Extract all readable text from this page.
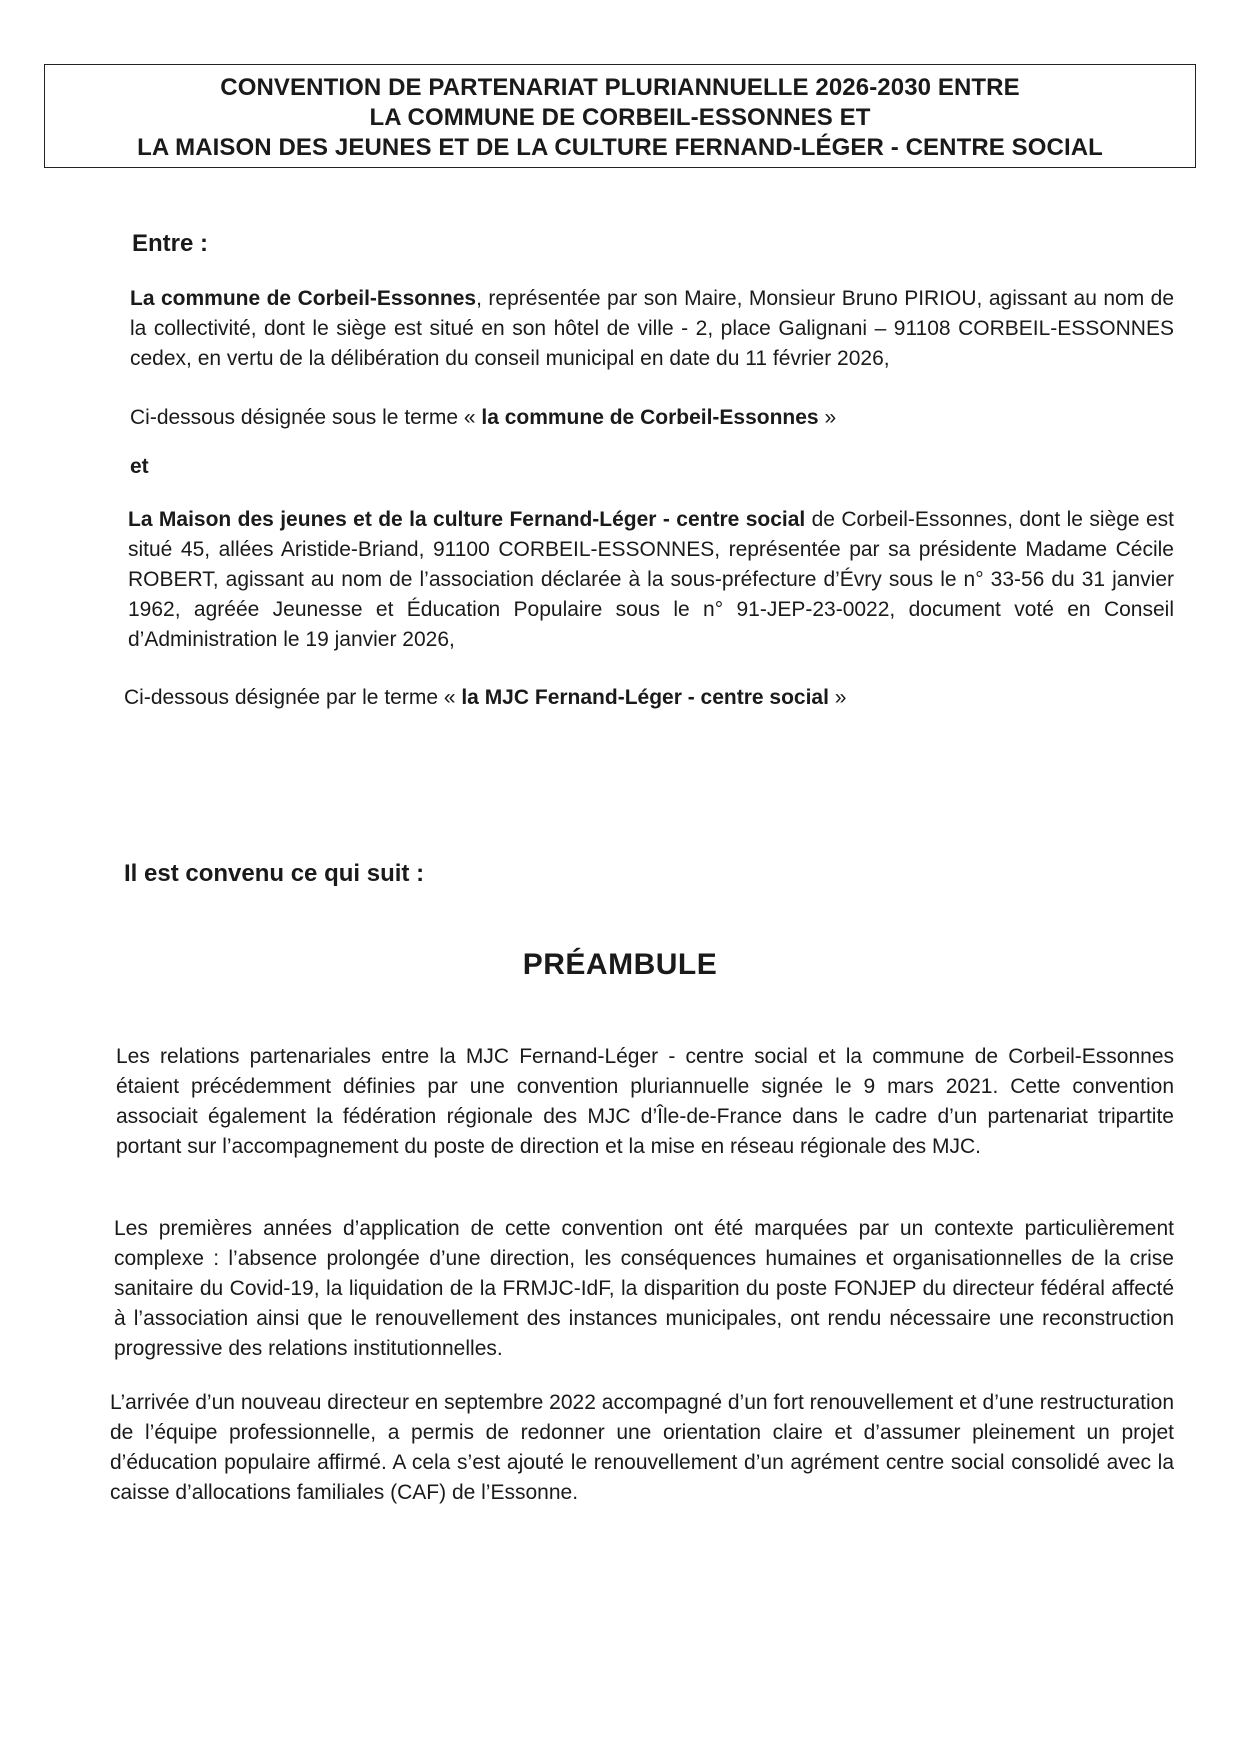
CONVENTION DE PARTENARIAT PLURIANNUELLE 2026-2030 ENTRE
LA COMMUNE DE CORBEIL-ESSONNES ET
LA MAISON DES JEUNES ET DE LA CULTURE FERNAND-LÉGER - CENTRE SOCIAL
Entre :
La commune de Corbeil-Essonnes, représentée par son Maire, Monsieur Bruno PIRIOU, agissant au nom de la collectivité, dont le siège est situé en son hôtel de ville - 2, place Galignani – 91108 CORBEIL-ESSONNES cedex, en vertu de la délibération du conseil municipal en date du 11 février 2026,
Ci-dessous désignée sous le terme « la commune de Corbeil-Essonnes »
et
La Maison des jeunes et de la culture Fernand-Léger - centre social de Corbeil-Essonnes, dont le siège est situé 45, allées Aristide-Briand, 91100 CORBEIL-ESSONNES, représentée par sa présidente Madame Cécile ROBERT, agissant au nom de l’association déclarée à la sous-préfecture d’Évry sous le n° 33-56 du 31 janvier 1962, agréée Jeunesse et Éducation Populaire sous le n° 91-JEP-23-0022, document voté en Conseil d’Administration le 19 janvier 2026,
Ci-dessous désignée par le terme « la MJC Fernand-Léger - centre social »
Il est convenu ce qui suit :
PRÉAMBULE
Les relations partenariales entre la MJC Fernand-Léger - centre social et la commune de Corbeil-Essonnes étaient précédemment définies par une convention pluriannuelle signée le 9 mars 2021. Cette convention associait également la fédération régionale des MJC d’Île-de-France dans le cadre d’un partenariat tripartite portant sur l’accompagnement du poste de direction et la mise en réseau régionale des MJC.
Les premières années d’application de cette convention ont été marquées par un contexte particulièrement complexe : l’absence prolongée d’une direction, les conséquences humaines et organisationnelles de la crise sanitaire du Covid-19, la liquidation de la FRMJC-IdF, la disparition du poste FONJEP du directeur fédéral affecté à l’association ainsi que le renouvellement des instances municipales, ont rendu nécessaire une reconstruction progressive des relations institutionnelles.
L’arrivée d’un nouveau directeur en septembre 2022 accompagné d’un fort renouvellement et d’une restructuration de l’équipe professionnelle, a permis de redonner une orientation claire et d’assumer pleinement un projet d’éducation populaire affirmé. A cela s’est ajouté le renouvellement d’un agrément centre social consolidé avec la caisse d’allocations familiales (CAF) de l’Essonne.
